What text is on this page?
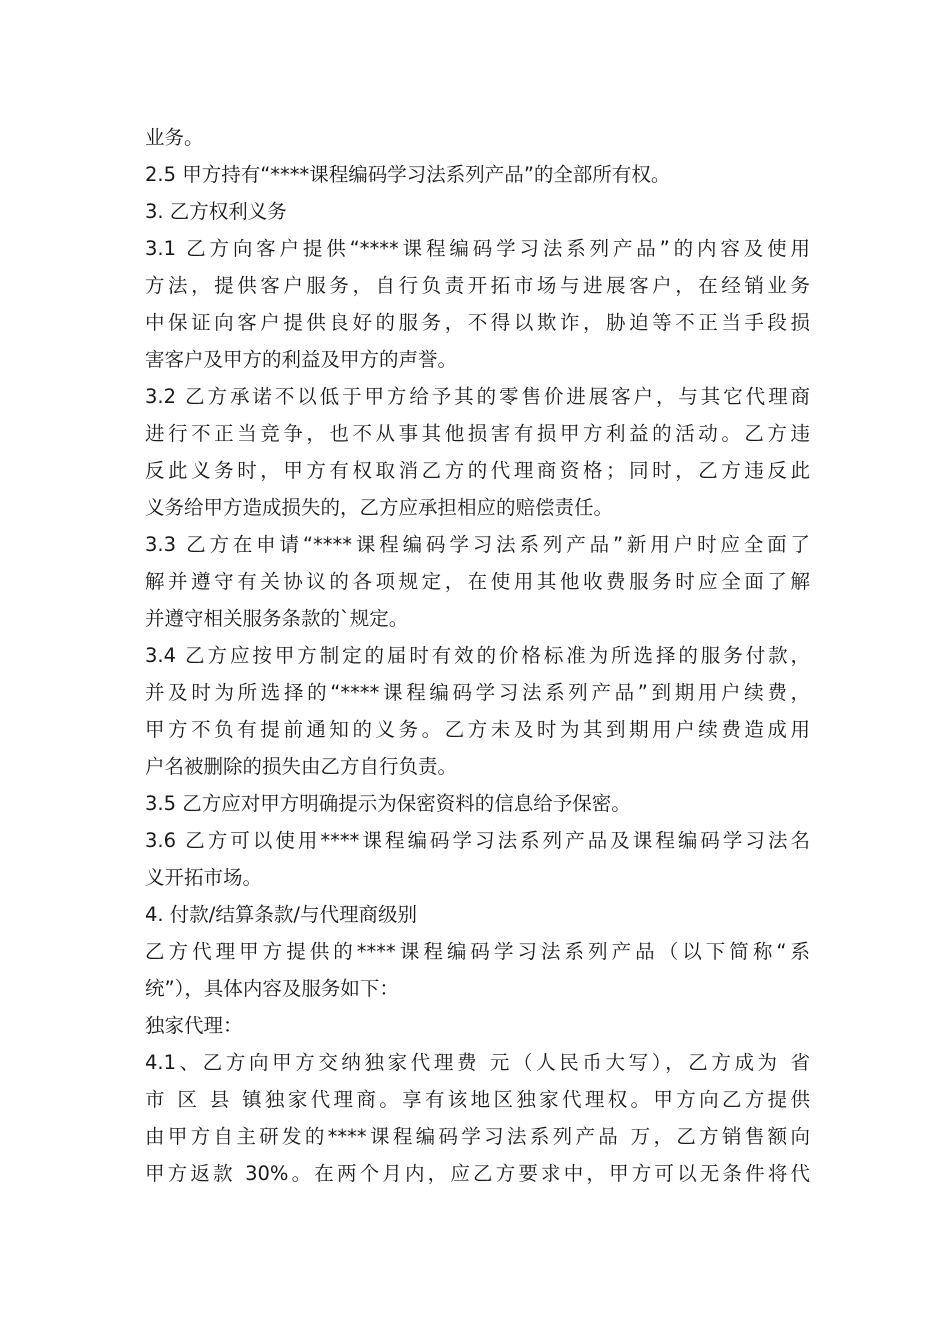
业务。
2.5 甲方持有“****课程编码学习法系列产品”的全部所有权。
3. 乙方权利义务
3.1 乙方向客户提供“****课程编码学习法系列产品”的内容及使用
方法，提供客户服务，自行负责开拓市场与进展客户，在经销业务
中保证向客户提供良好的服务，不得以欺诈，胁迫等不正当手段损
害客户及甲方的利益及甲方的声誉。
3.2 乙方承诺不以低于甲方给予其的零售价进展客户，与其它代理商
进行不正当竞争，也不从事其他损害有损甲方利益的活动。乙方违
反此义务时，甲方有权取消乙方的代理商资格；同时，乙方违反此
义务给甲方造成损失的，乙方应承担相应的赔偿责任。
3.3 乙方在申请“****课程编码学习法系列产品”新用户时应全面了
解并遵守有关协议的各项规定，在使用其他收费服务时应全面了解
并遵守相关服务条款的`规定。
3.4 乙方应按甲方制定的届时有效的价格标准为所选择的服务付款，
并及时为所选择的“****课程编码学习法系列产品”到期用户续费，
甲方不负有提前通知的义务。乙方未及时为其到期用户续费造成用
户名被删除的损失由乙方自行负责。
3.5 乙方应对甲方明确提示为保密资料的信息给予保密。
3.6 乙方可以使用****课程编码学习法系列产品及课程编码学习法名
义开拓市场。
4. 付款/结算条款/与代理商级别
乙方代理甲方提供的****课程编码学习法系列产品（以下简称“系
统”），具体内容及服务如下：
独家代理：
4.1、乙方向甲方交纳独家代理费 元（人民币大写），乙方成为 省
市 区 县 镇独家代理商。享有该地区独家代理权。甲方向乙方提供
由甲方自主研发的****课程编码学习法系列产品 万，乙方销售额向
甲方返款 30%。在两个月内，应乙方要求中，甲方可以无条件将代
